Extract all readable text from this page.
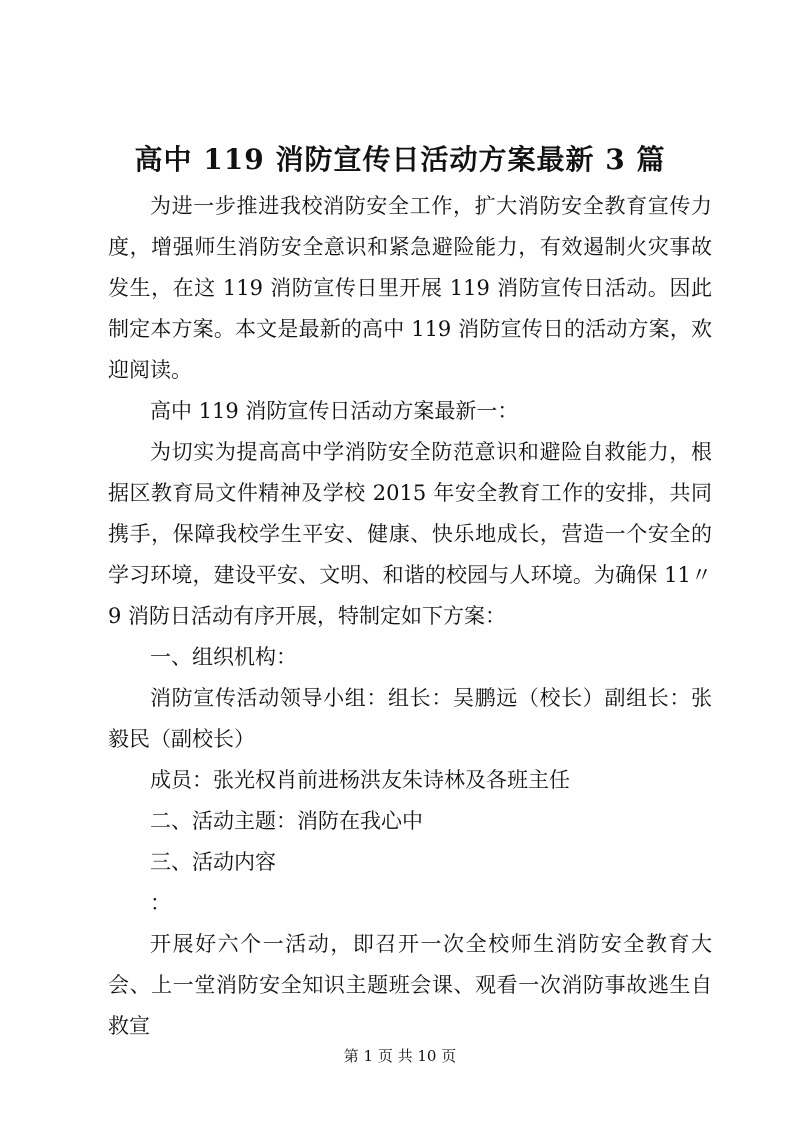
高中 119 消防宣传日活动方案最新 3 篇

为进一步推进我校消防安全工作，扩大消防安全教育宣传力度，增强师生消防安全意识和紧急避险能力，有效遏制火灾事故发生，在这 119 消防宣传日里开展 119 消防宣传日活动。因此制定本方案。本文是最新的高中 119 消防宣传日的活动方案，欢迎阅读。

高中 119 消防宣传日活动方案最新一：

为切实为提高高中学消防安全防范意识和避险自救能力，根据区教育局文件精神及学校 2015 年安全教育工作的安排，共同携手，保障我校学生平安、健康、快乐地成长，营造一个安全的学习环境，建设平安、文明、和谐的校园与人环境。为确保 11〃9 消防日活动有序开展，特制定如下方案：

一、组织机构：

消防宣传活动领导小组：组长：吴鹏远（校长）副组长：张毅民（副校长）

成员：张光权肖前进杨洪友朱诗林及各班主任

二、活动主题：消防在我心中

三、活动内容

：

开展好六个一活动，即召开一次全校师生消防安全教育大会、上一堂消防安全知识主题班会课、观看一次消防事故逃生自救宣

第 1 页 共 10 页
